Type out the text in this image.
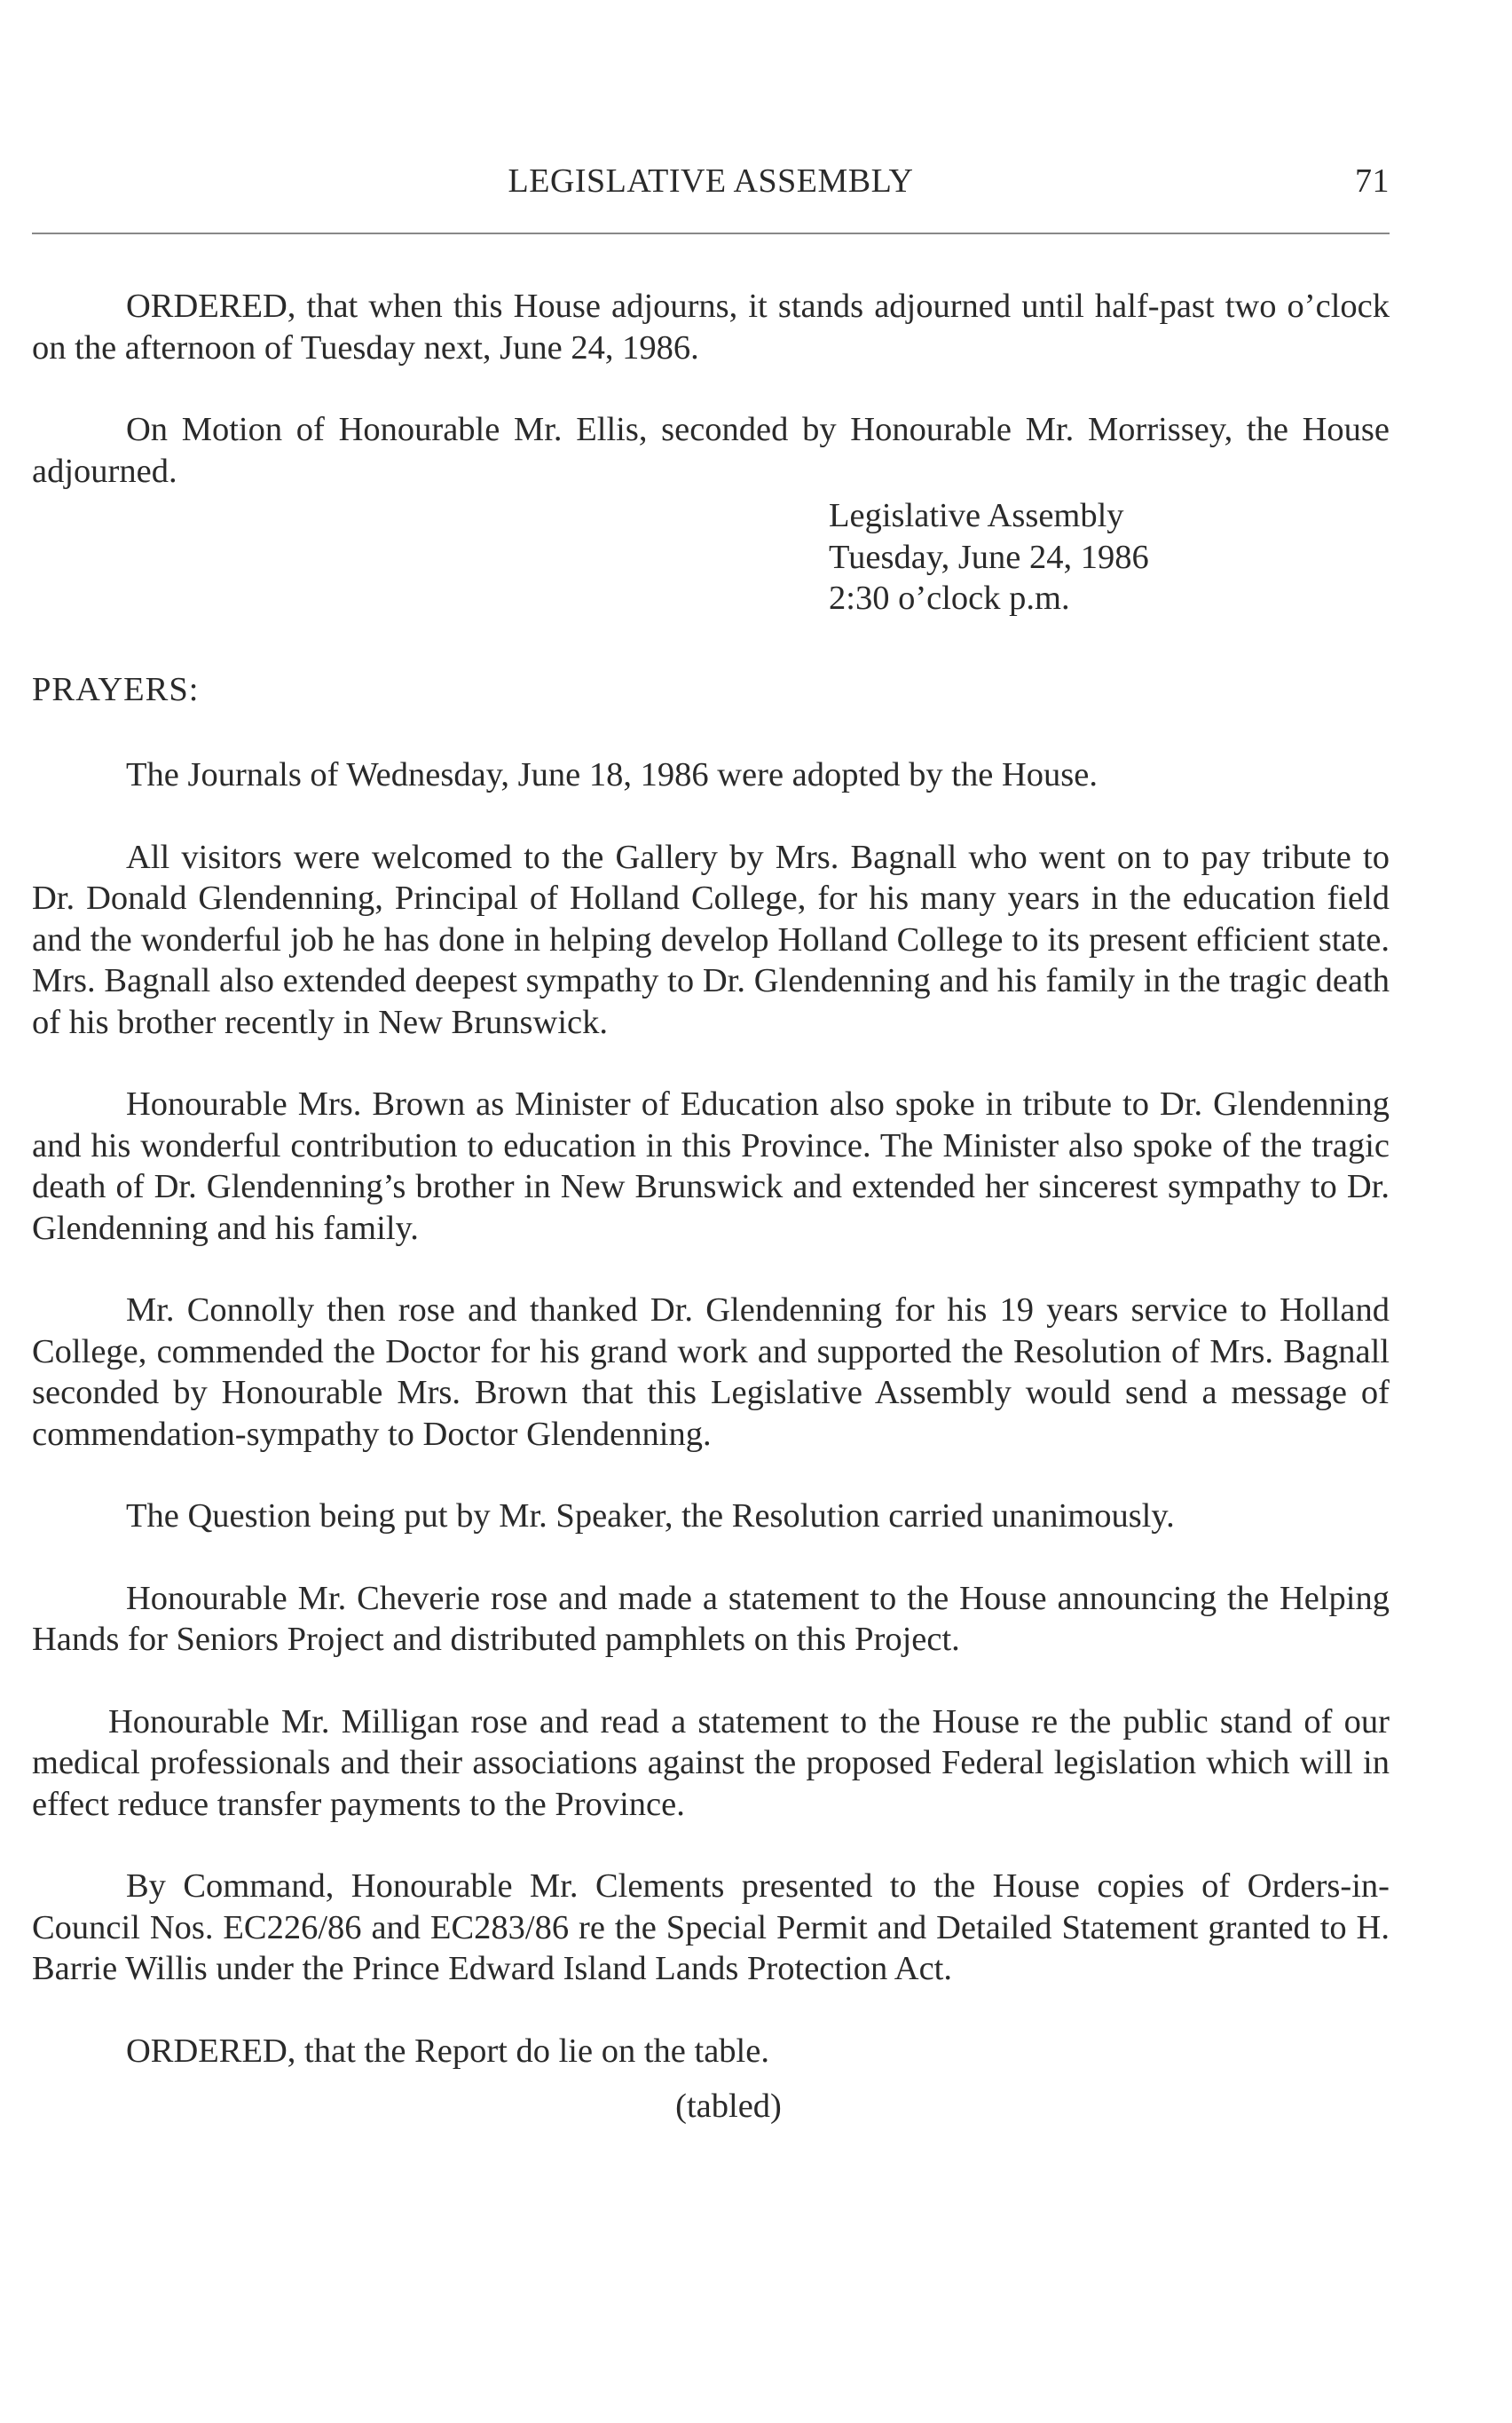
LEGISLATIVE ASSEMBLY	71

ORDERED, that when this House adjourns, it stands adjourned until half-past two o’clock on the afternoon of Tuesday next, June 24, 1986.

On Motion of Honourable Mr. Ellis, seconded by Honourable Mr. Morrissey, the House adjourned.

Legislative Assembly
Tuesday, June 24, 1986
2:30 o’clock p.m.
PRAYERS:

The Journals of Wednesday, June 18, 1986 were adopted by the House.

All visitors were welcomed to the Gallery by Mrs. Bagnall who went on to pay tribute to Dr. Donald Glendenning, Principal of Holland College, for his many years in the education field and the wonderful job he has done in helping develop Holland College to its present efficient state. Mrs. Bagnall also extended deepest sympathy to Dr. Glendenning and his family in the tragic death of his brother recently in New Brunswick.

Honourable Mrs. Brown as Minister of Education also spoke in tribute to Dr. Glendenning and his wonderful contribution to education in this Province. The Minister also spoke of the tragic death of Dr. Glendenning’s brother in New Brunswick and extended her sincerest sympathy to Dr. Glendenning and his family.

Mr. Connolly then rose and thanked Dr. Glendenning for his 19 years service to Holland College, commended the Doctor for his grand work and supported the Resolution of Mrs. Bagnall seconded by Honourable Mrs. Brown that this Legislative Assembly would send a message of commendation-sympathy to Doctor Glendenning.

The Question being put by Mr. Speaker, the Resolution carried unanimously.

Honourable Mr. Cheverie rose and made a statement to the House announcing the Helping Hands for Seniors Project and distributed pamphlets on this Project.

Honourable Mr. Milligan rose and read a statement to the House re the public stand of our medical professionals and their associations against the proposed Federal legislation which will in effect reduce transfer payments to the Province.

By Command, Honourable Mr. Clements presented to the House copies of Orders-in-Council Nos. EC226/86 and EC283/86 re the Special Permit and Detailed Statement granted to H. Barrie Willis under the Prince Edward Island Lands Protection Act.

ORDERED, that the Report do lie on the table.

(tabled)
